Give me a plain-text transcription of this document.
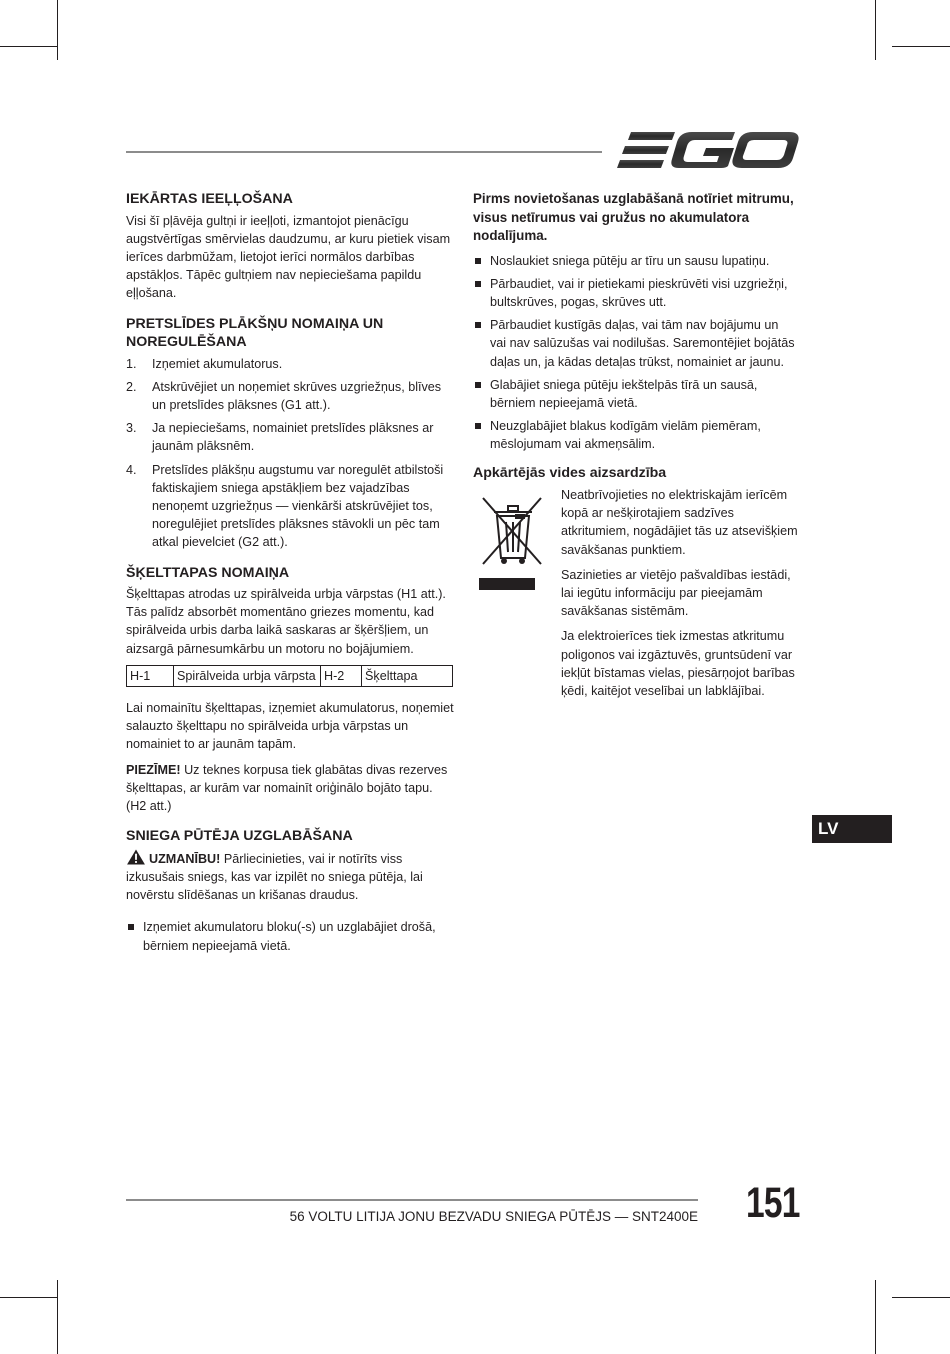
IEKĀRTAS IEEĻĻOŠANA

Visi šī pļāvēja gultņi ir ieeļļoti, izmantojot pienācīgu augstvērtīgas smērvielas daudzumu, ar kuru pietiek visam ierīces darbmūžam, lietojot ierīci normālos darbības apstākļos. Tāpēc gultņiem nav nepieciešama papildu eļļošana.

PRETSLĪDES PLĀKŠŅU NOMAIŅA UN NOREGULĒŠANA
1. Izņemiet akumulatorus.
2. Atskrūvējiet un noņemiet skrūves uzgriežņus, blīves un pretslīdes plāksnes (G1 att.).
3. Ja nepieciešams, nomainiet pretslīdes plāksnes ar jaunām plāksnēm.
4. Pretslīdes plākšņu augstumu var noregulēt atbilstoši faktiskajiem sniega apstākļiem bez vajadzības nenoņemt uzgriežņus — vienkārši atskrūvējiet tos, noregulējiet pretslīdes plāksnes stāvokli un pēc tam atkal pievelciet (G2 att.).
ŠĶELTTAPAS NOMAIŅA

Šķelttapas atrodas uz spirālveida urbja vārpstas (H1 att.). Tās palīdz absorbēt momentāno griezes momentu, kad spirālveida urbis darba laikā saskaras ar šķēršļiem, un aizsargā pārnesumkārbu un motoru no bojājumiem.

H-1	Spirālveida urbja vārpsta	H-2	Šķelttapa

Lai nomainītu šķelttapas, izņemiet akumulatorus, noņemiet salauzto šķelttapu no spirālveida urbja vārpstas un nomainiet to ar jaunām tapām.

PIEZĪME! Uz teknes korpusa tiek glabātas divas rezerves šķelttapas, ar kurām var nomainīt oriģinālo bojāto tapu. (H2 att.)

SNIEGA PŪTĒJA UZGLABĀŠANA

UZMANĪBU! Pārliecinieties, vai ir notīrīts viss izkusušais sniegs, kas var izpilēt no sniega pūtēja, lai novērstu slīdēšanas un krišanas draudus.

Izņemiet akumulatoru bloku(-s) un uzglabājiet drošā, bērniem nepieejamā vietā.

Pirms novietošanas uzglabāšanā notīriet mitrumu, visus netīrumus vai gružus no akumulatora nodalījuma.

Noslaukiet sniega pūtēju ar tīru un sausu lupatiņu.
Pārbaudiet, vai ir pietiekami pieskrūvēti visi uzgriežņi, bultskrūves, pogas, skrūves utt.
Pārbaudiet kustīgās daļas, vai tām nav bojājumu un vai nav salūzušas vai nodilušas. Saremontējiet bojātās daļas un, ja kādas detaļas trūkst, nomainiet ar jaunu.
Glabājiet sniega pūtēju iekštelpās tīrā un sausā, bērniem nepieejamā vietā.
Neuzglabājiet blakus kodīgām vielām piemēram, mēslojumam vai akmeņsālim.
Apkārtējās vides aizsardzība

Neatbrīvojieties no elektriskajām ierīcēm kopā ar nešķirotajiem sadzīves atkritumiem, nogādājiet tās uz atsevišķiem savākšanas punktiem.

Sazinieties ar vietējo pašvaldības iestādi, lai iegūtu informāciju par pieejamām savākšanas sistēmām.

Ja elektroierīces tiek izmestas atkritumu poligonos vai izgāztuvēs, gruntsūdenī var iekļūt bīstamas vielas, piesārņojot barības ķēdi, kaitējot veselībai un labklājībai.

LV
56 VOLTU LITIJA JONU BEZVADU SNIEGA PŪTĒJS — SNT2400E 151
